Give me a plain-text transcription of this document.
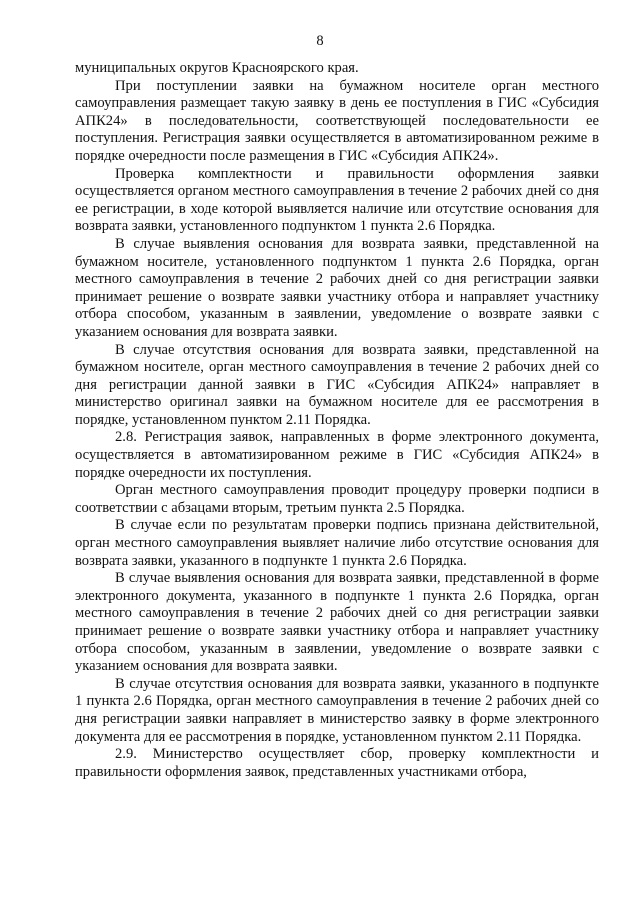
8

муниципальных округов Красноярского края.

При поступлении заявки на бумажном носителе орган местного самоуправления размещает такую заявку в день ее поступления в ГИС «Субсидия АПК24» в последовательности, соответствующей последовательности ее поступления. Регистрация заявки осуществляется в автоматизированном режиме в порядке очередности после размещения в ГИС «Субсидия АПК24».

Проверка комплектности и правильности оформления заявки осуществляется органом местного самоуправления в течение 2 рабочих дней со дня ее регистрации, в ходе которой выявляется наличие или отсутствие основания для возврата заявки, установленного подпунктом 1 пункта 2.6 Порядка.

В случае выявления основания для возврата заявки, представленной на бумажном носителе, установленного подпунктом 1 пункта 2.6 Порядка, орган местного самоуправления в течение 2 рабочих дней со дня регистрации заявки принимает решение о возврате заявки участнику отбора и направляет участнику отбора способом, указанным в заявлении, уведомление о возврате заявки с указанием основания для возврата заявки.

В случае отсутствия основания для возврата заявки, представленной на бумажном носителе, орган местного самоуправления в течение 2 рабочих дней со дня регистрации данной заявки в ГИС «Субсидия АПК24» направляет в министерство оригинал заявки на бумажном носителе для ее рассмотрения в порядке, установленном пунктом 2.11 Порядка.

2.8. Регистрация заявок, направленных в форме электронного документа, осуществляется в автоматизированном режиме в ГИС «Субсидия АПК24» в порядке очередности их поступления.

Орган местного самоуправления проводит процедуру проверки подписи в соответствии с абзацами вторым, третьим пункта 2.5 Порядка.

В случае если по результатам проверки подпись признана действительной, орган местного самоуправления выявляет наличие либо отсутствие основания для возврата заявки, указанного в подпункте 1 пункта 2.6 Порядка.

В случае выявления основания для возврата заявки, представленной в форме электронного документа, указанного в подпункте 1 пункта 2.6 Порядка, орган местного самоуправления в течение 2 рабочих дней со дня регистрации заявки принимает решение о возврате заявки участнику отбора и направляет участнику отбора способом, указанным в заявлении, уведомление о возврате заявки с указанием основания для возврата заявки.

В случае отсутствия основания для возврата заявки, указанного в подпункте 1 пункта 2.6 Порядка, орган местного самоуправления в течение 2 рабочих дней со дня регистрации заявки направляет в министерство заявку в форме электронного документа для ее рассмотрения в порядке, установленном пунктом 2.11 Порядка.

2.9. Министерство осуществляет сбор, проверку комплектности и правильности оформления заявок, представленных участниками отбора,
